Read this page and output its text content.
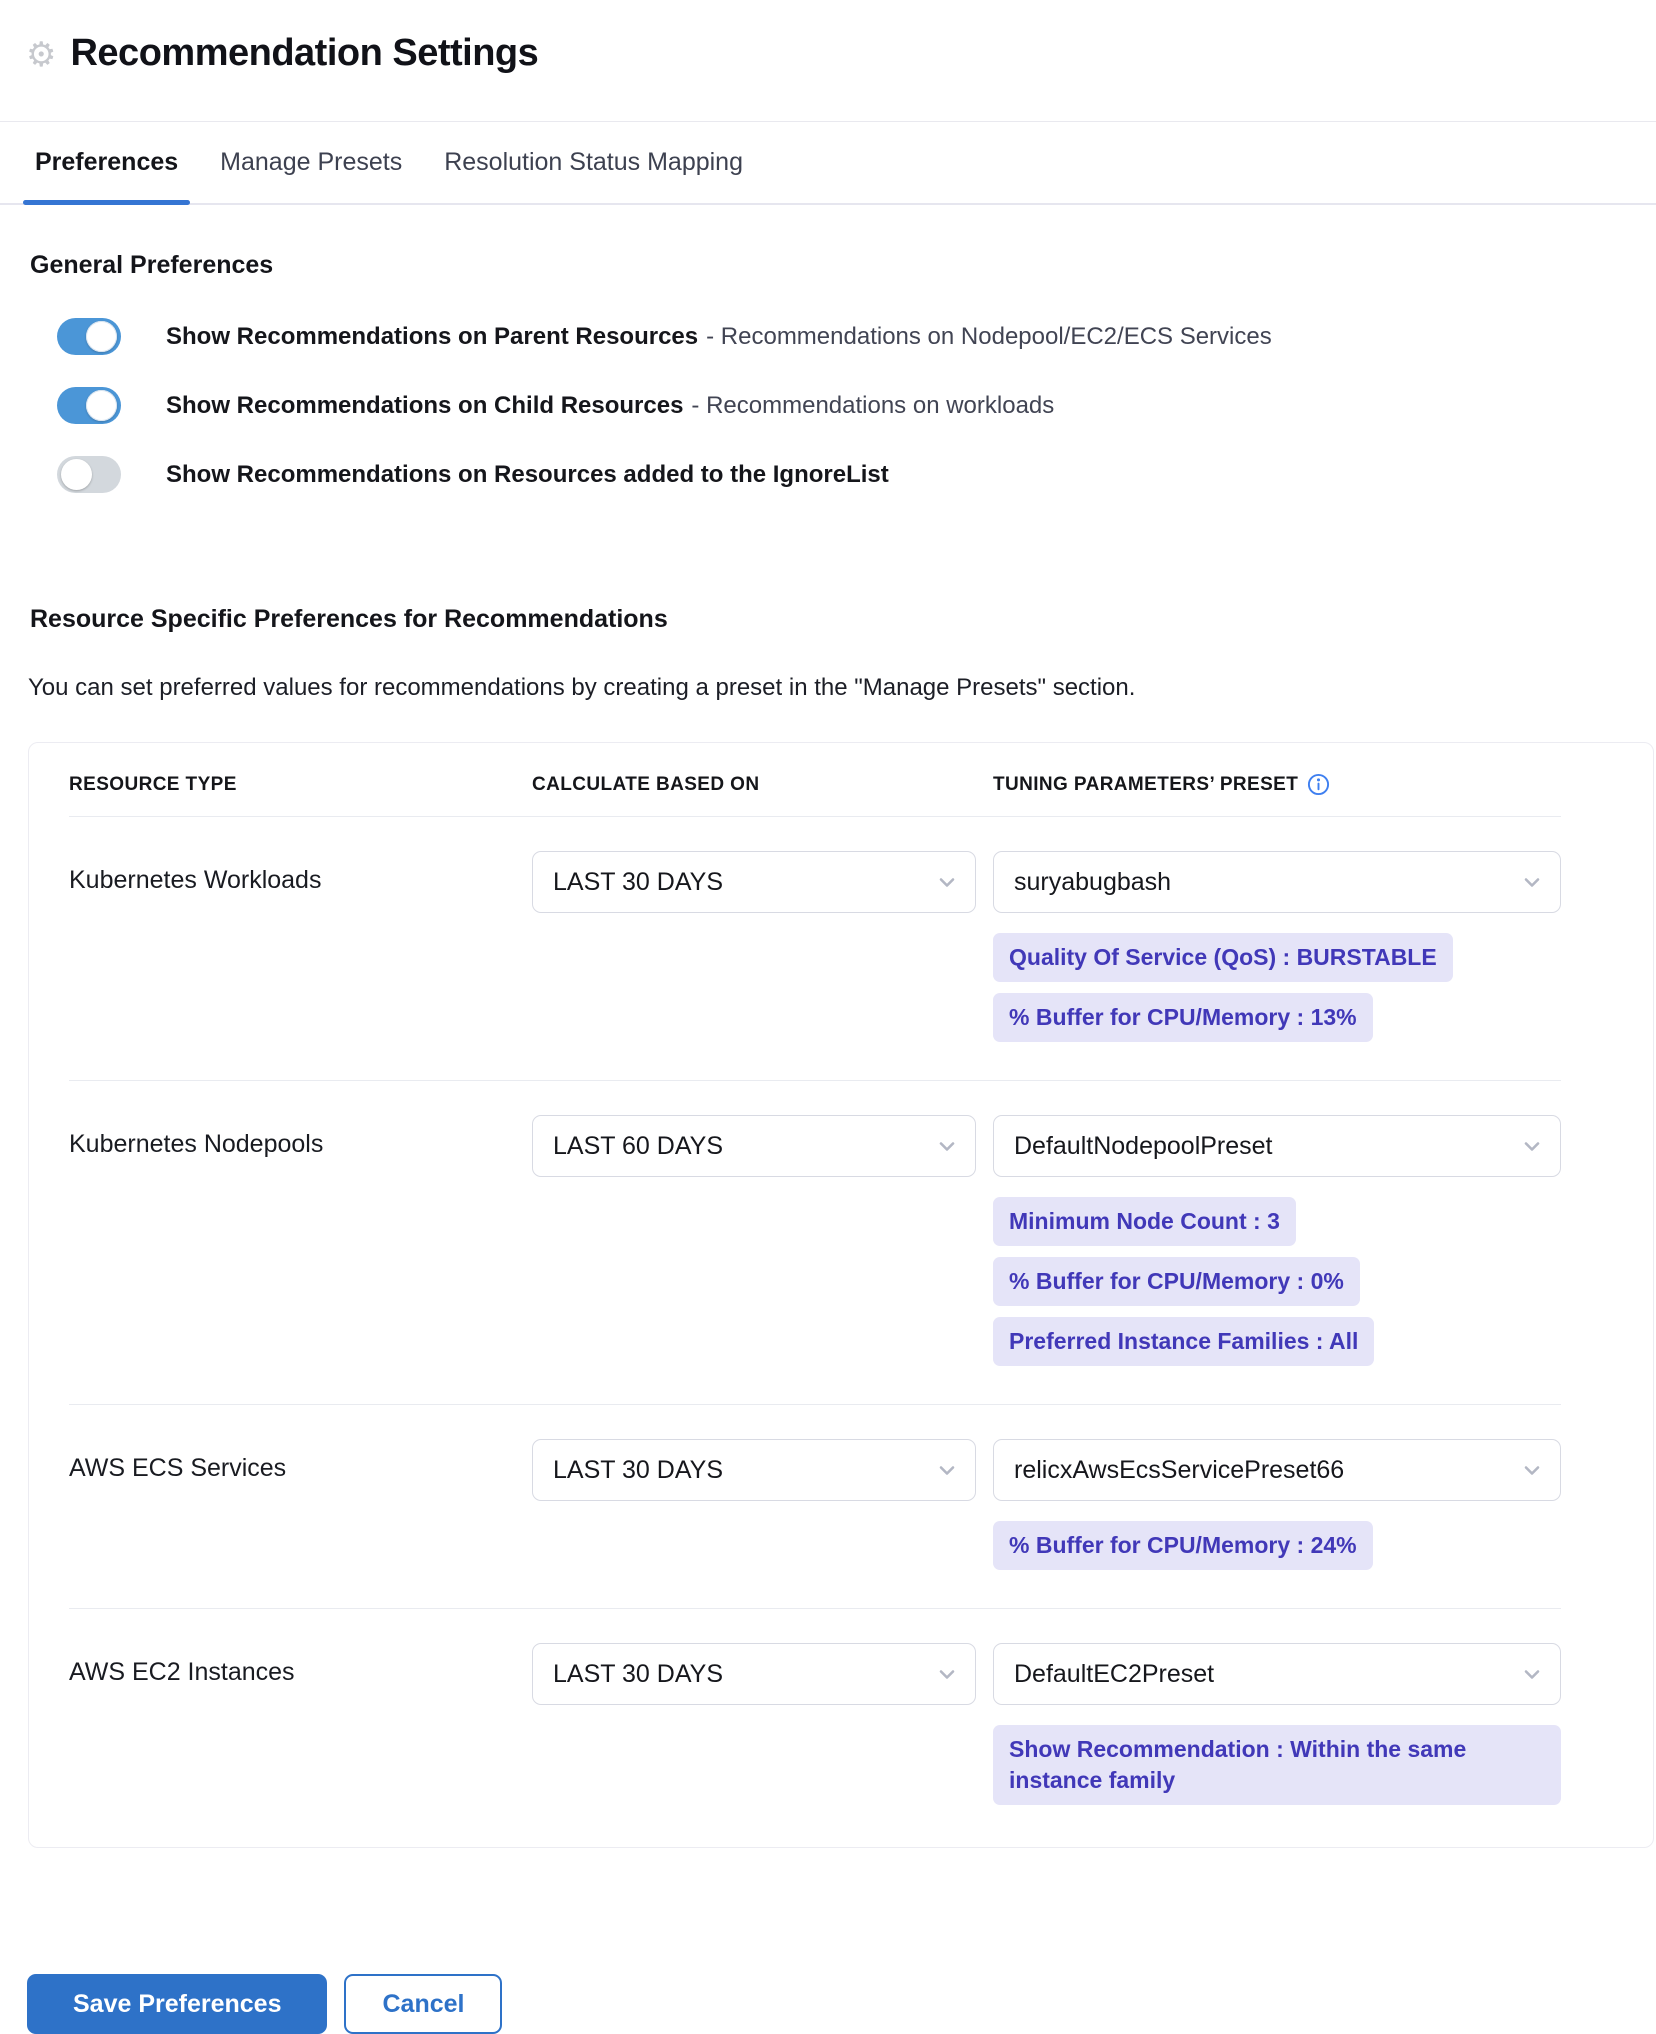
⚙ Recommendation Settings
Preferences Manage Presets Resolution Status Mapping
General Preferences
Show Recommendations on Parent Resources - Recommendations on Nodepool/EC2/ECS Services
Show Recommendations on Child Resources - Recommendations on workloads
Show Recommendations on Resources added to the IgnoreList
Resource Specific Preferences for Recommendations
You can set preferred values for recommendations by creating a preset in the "Manage Presets" section.
RESOURCE TYPE	CALCULATE BASED ON	TUNING PARAMETERS’ PRESET
Kubernetes Workloads	LAST 30 DAYS	suryabugbash
Quality Of Service (QoS) : BURSTABLE
% Buffer for CPU/Memory : 13%
Kubernetes Nodepools	LAST 60 DAYS	DefaultNodepoolPreset
Minimum Node Count : 3
% Buffer for CPU/Memory : 0%
Preferred Instance Families : All
AWS ECS Services	LAST 30 DAYS	relicxAwsEcsServicePreset66
% Buffer for CPU/Memory : 24%
AWS EC2 Instances	LAST 30 DAYS	DefaultEC2Preset
Show Recommendation : Within the same instance family
Save Preferences	Cancel
